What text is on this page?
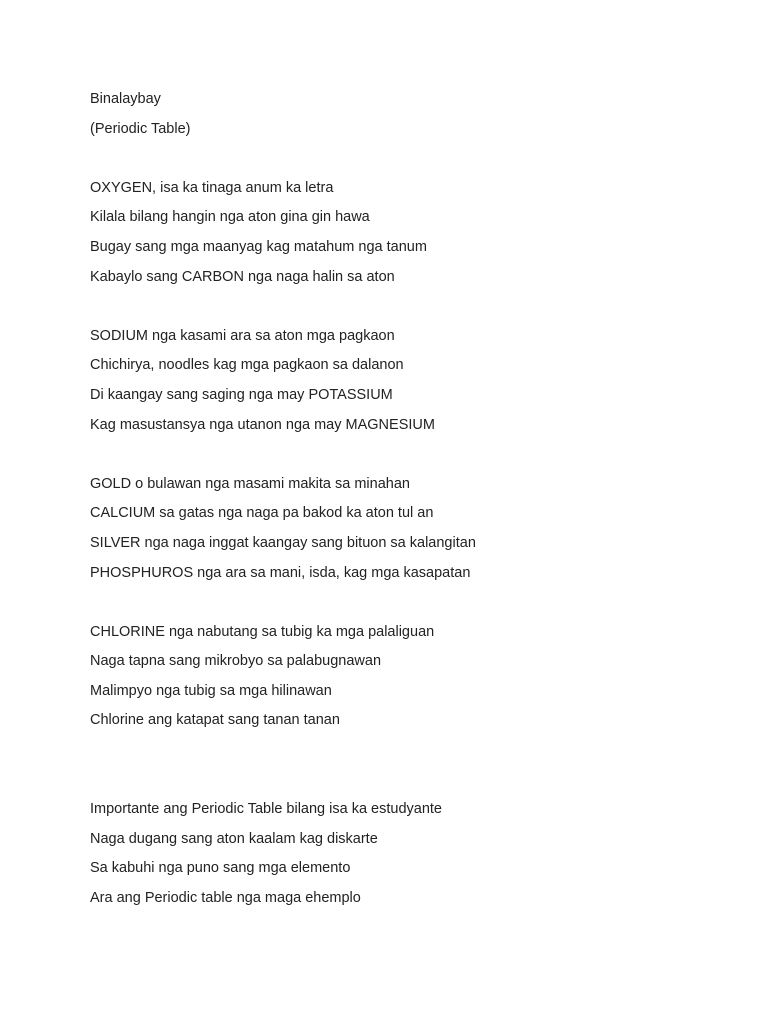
Binalaybay
(Periodic Table)
OXYGEN, isa ka tinaga anum ka letra
Kilala bilang hangin nga aton gina gin hawa
Bugay sang mga maanyag kag matahum nga tanum
Kabaylo sang CARBON nga naga halin sa aton
SODIUM nga kasami ara sa aton mga pagkaon
Chichirya, noodles kag mga pagkaon sa dalanon
Di kaangay sang saging nga may POTASSIUM
Kag masustansya nga utanon nga may MAGNESIUM
GOLD o bulawan nga masami makita sa minahan
CALCIUM sa gatas nga naga pa bakod ka aton tul an
SILVER nga naga inggat kaangay sang bituon sa kalangitan
PHOSPHUROS nga ara sa mani, isda, kag mga kasapatan
CHLORINE nga nabutang sa tubig ka mga palaliguan
Naga tapna sang mikrobyo sa palabugnawan
Malimpyo nga tubig sa mga hilinawan
Chlorine ang katapat sang tanan tanan
Importante ang Periodic Table bilang isa ka estudyante
Naga dugang sang aton kaalam kag diskarte
Sa kabuhi nga puno sang mga elemento
Ara ang Periodic table nga maga ehemplo
